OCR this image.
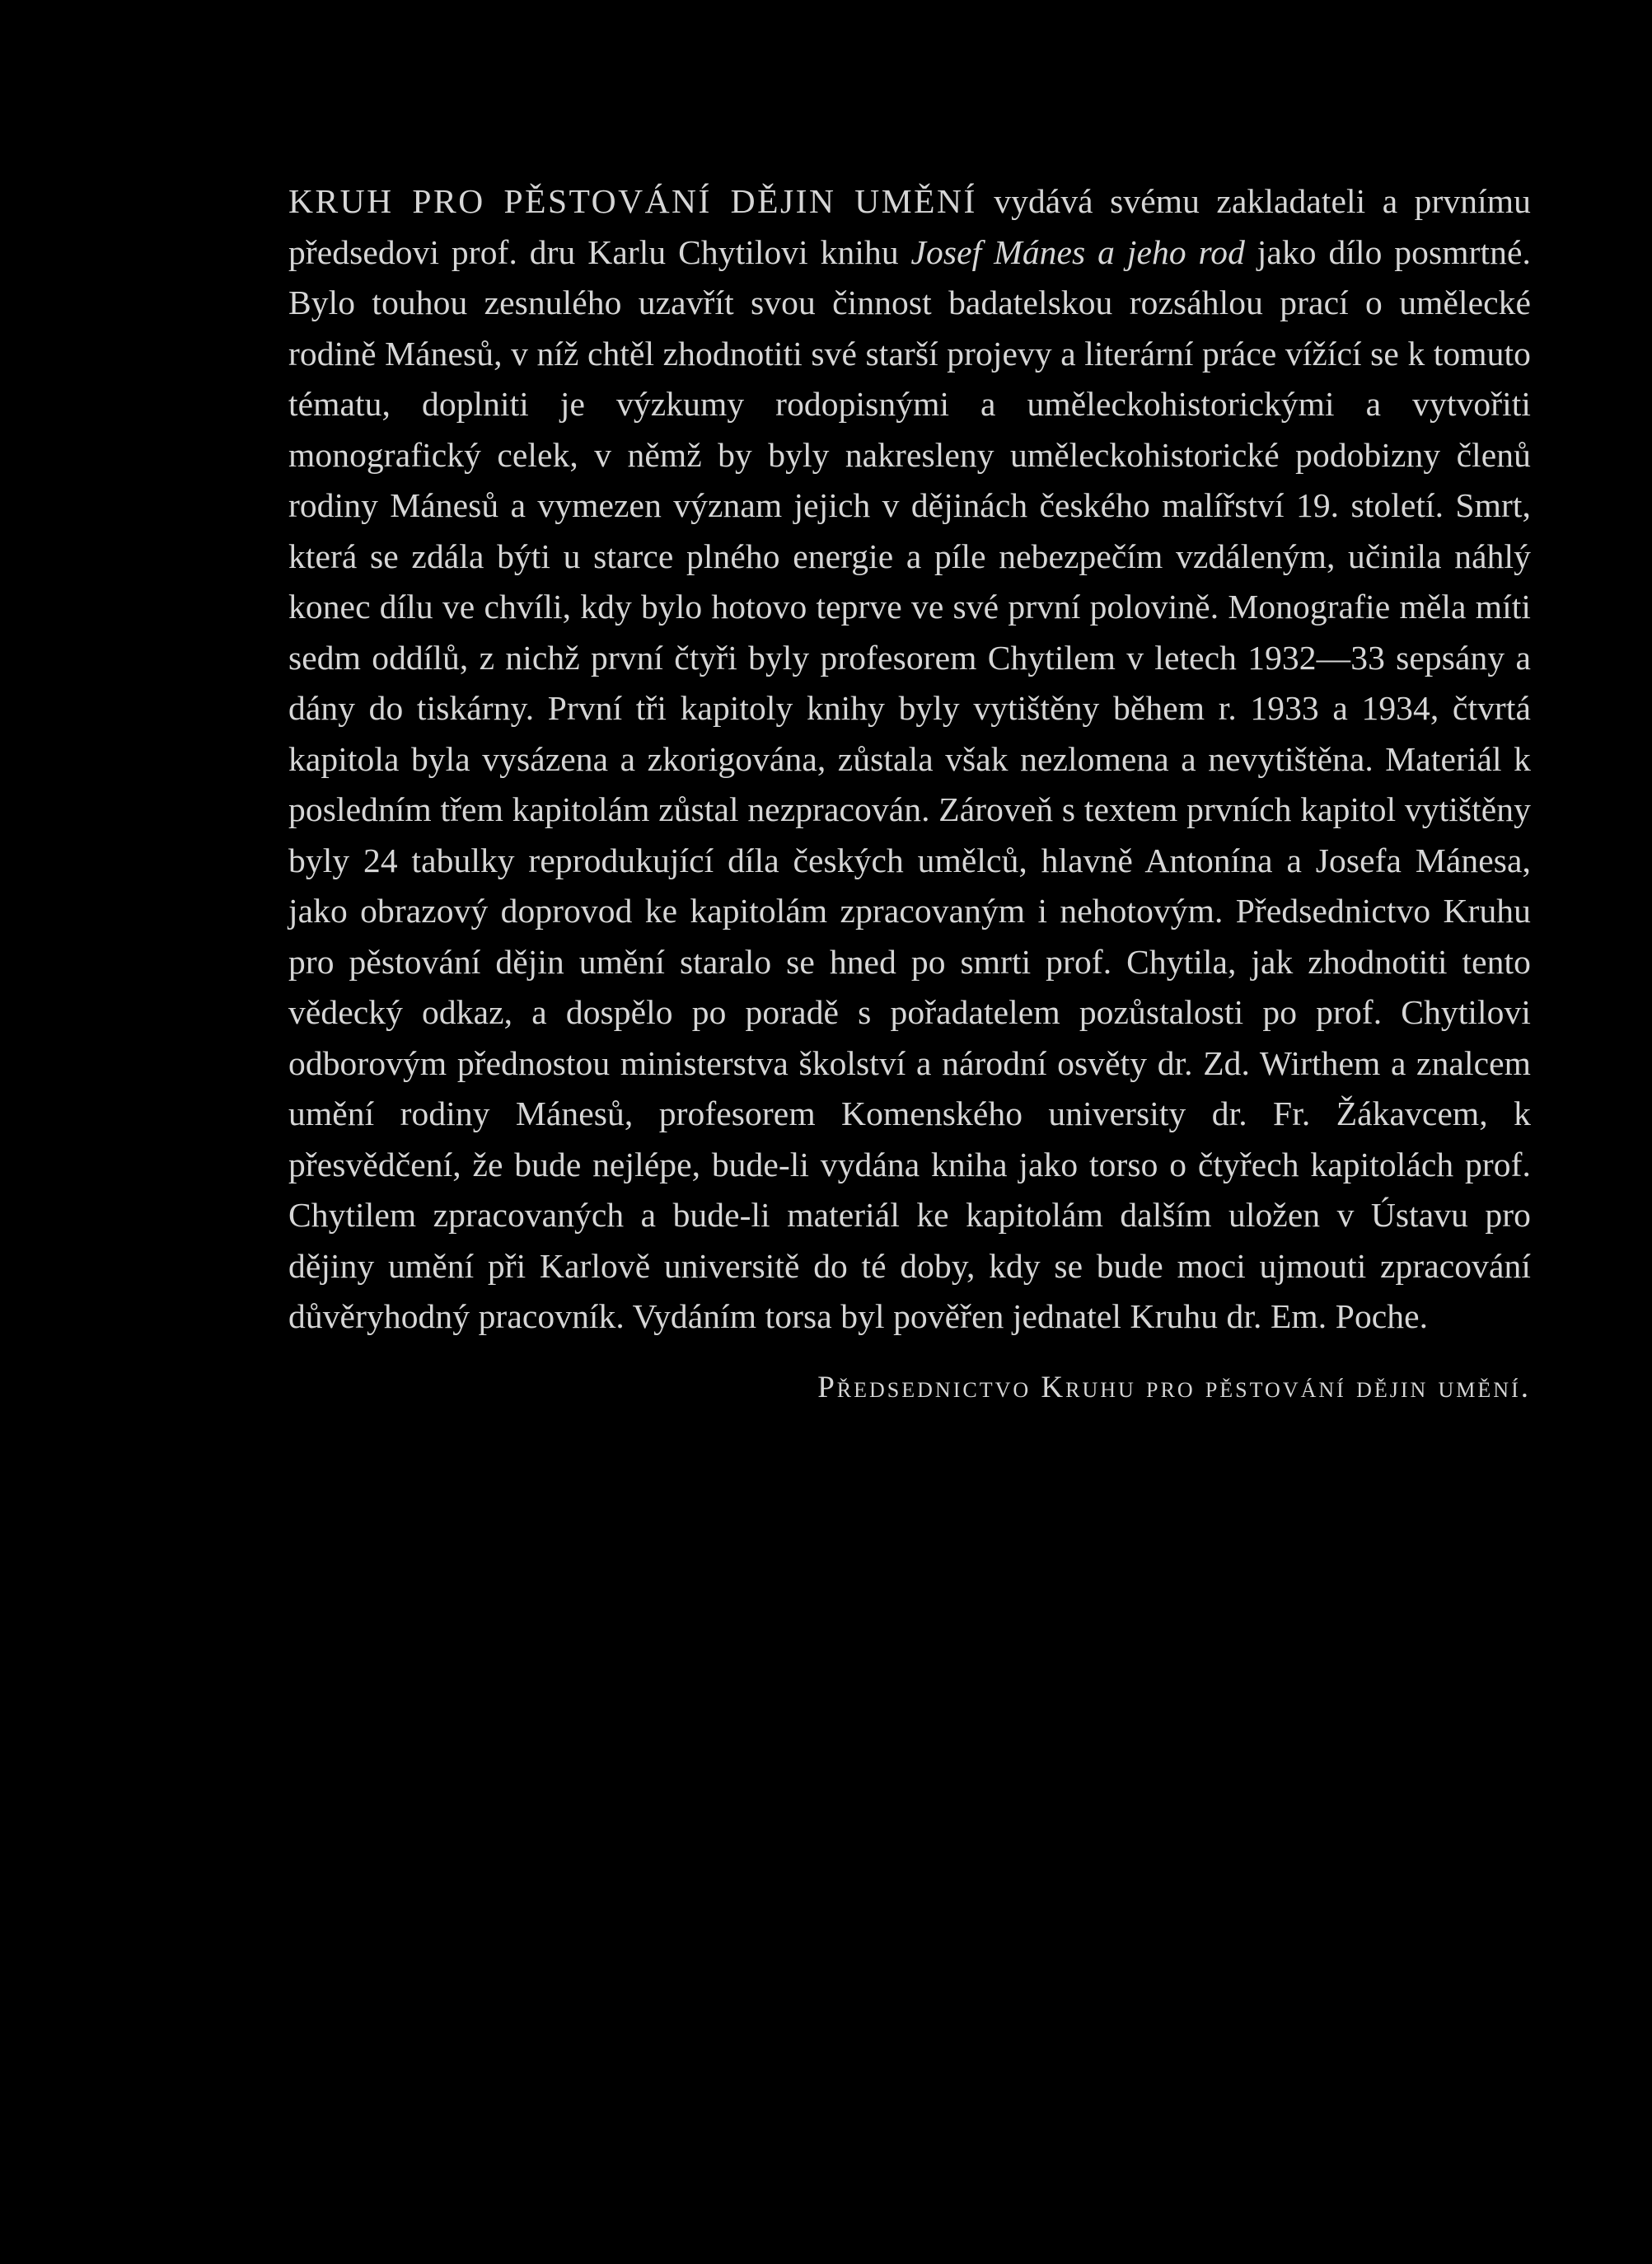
KRUH PRO PĚSTOVÁNÍ DĚJIN UMĚNÍ vydává svému zakladateli a prvnímu předsedovi prof. dru Karlu Chytilovi knihu Josef Mánes a jeho rod jako dílo posmrtné. Bylo touhou zesnulého uzavřít svou činnost badatelskou rozsáhlou prací o umělecké rodině Mánesů, v níž chtěl zhodnotiti své starší projevy a literární práce vížící se k tomuto tématu, doplniti je výzkumy rodopisnými a uměleckohistorickými a vytvořiti monografický celek, v němž by byly nakresleny uměleckohistorické podobizny členů rodiny Mánesů a vymezen význam jejich v dějinách českého malířství 19. století. Smrt, která se zdála býti u starce plného energie a píle nebezpečím vzdáleným, učinila náhlý konec dílu ve chvíli, kdy bylo hotovo teprve ve své první polovině. Monografie měla míti sedm oddílů, z nichž první čtyři byly profesorem Chytilem v letech 1932—33 sepsány a dány do tiskárny. První tři kapitoly knihy byly vytištěny během r. 1933 a 1934, čtvrtá kapitola byla vysázena a zkorigována, zůstala však nezlomena a nevytištěna. Materiál k posledním třem kapitolám zůstal nezpracován. Zároveň s textem prvních kapitol vytištěny byly 24 tabulky reprodukující díla českých umělců, hlavně Antonína a Josefa Mánesa, jako obrazový doprovod ke kapitolám zpracovaným i nehotovým. Předsednictvo Kruhu pro pěstování dějin umění staralo se hned po smrti prof. Chytila, jak zhodnotiti tento vědecký odkaz, a dospělo po poradě s pořadatelem pozůstalosti po prof. Chytilovi odborovým přednostou ministerstva školství a národní osvěty dr. Zd. Wirthem a znalcem umění rodiny Mánesů, profesorem Komenského university dr. Fr. Žákavcem, k přesvědčení, že bude nejlépe, bude-li vydána kniha jako torso o čtyřech kapitolách prof. Chytilem zpracovaných a bude-li materiál ke kapitolám dalším uložen v Ústavu pro dějiny umění při Karlově universitě do té doby, kdy se bude moci ujmouti zpracování důvěryhodný pracovník. Vydáním torsa byl pověřen jednatel Kruhu dr. Em. Poche.

Předsednictvo Kruhu pro pěstování dějin umění.
